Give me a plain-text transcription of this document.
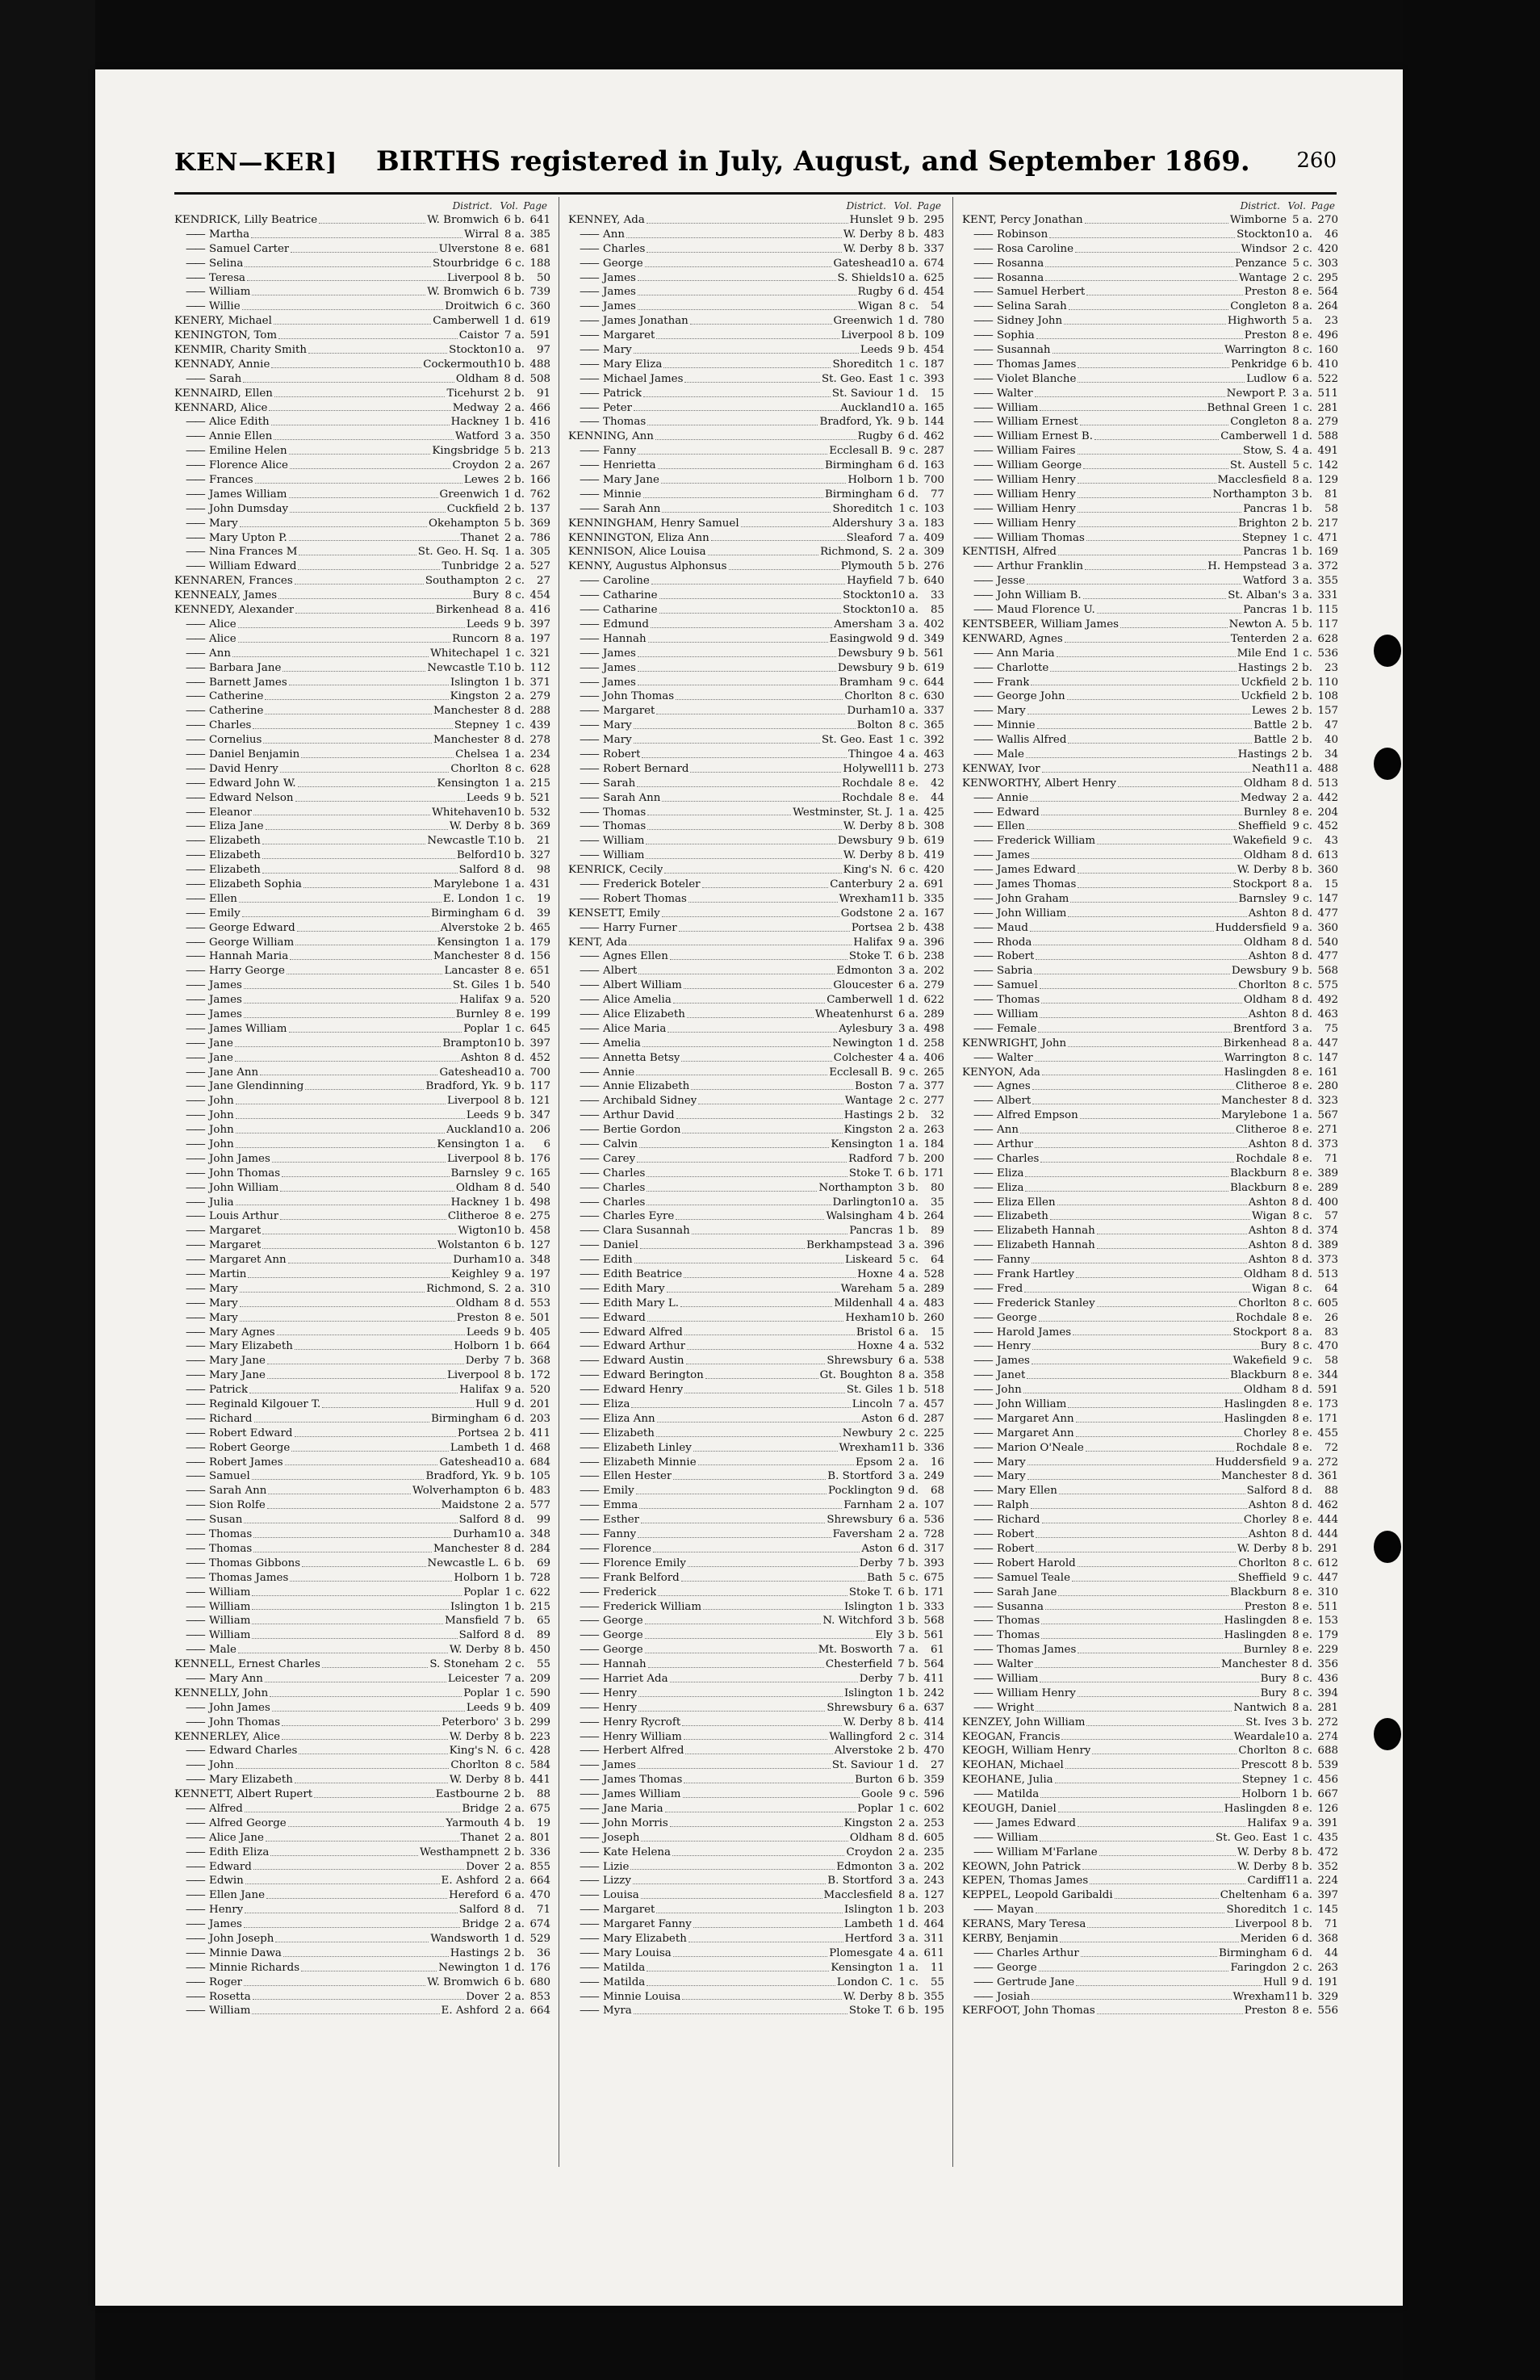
KEN—KER] BIRTHS registered in July, August, and September 1869. 260
District. Vol. Page
KENDRICK, Lilly Beatrice	W. Bromwich 6 b. 641
—— Martha	Wirral 8 a. 385
—— Samuel Carter	Ulverstone 8 e. 681
—— Selina	Stourbridge 6 c. 188
—— Teresa	Liverpool 8 b.	50
—— William	W. Bromwich 6 b. 739
—— Willie	Droitwich 6 c. 360
KENERY, Michael	Camberwell 1 d. 619
KENINGTON, Tom	Caistor 7 a. 591
KENMIR, Charity Smith	Stockton 10 a.	97
KENNADY, Annie	Cockermouth 10 b. 488
—— Sarah	Oldham 8 d. 508
KENNAIRD, Ellen	Ticehurst 2 b.	91
KENNARD, Alice	Medway 2 a. 466
—— Alice Edith	Hackney 1 b. 416
—— Annie Ellen	Watford 3 a. 350
—— Emiline Helen	Kingsbridge 5 b. 213
—— Florence Alice	Croydon 2 a. 267
—— Frances	Lewes 2 b. 166
—— James William	Greenwich 1 d. 762
—— John Dumsday	Cuckfield 2 b. 137
—— Mary	Okehampton 5 b. 369
—— Mary Upton P.	Thanet 2 a. 786
—— Nina Frances M	St. Geo. H. Sq. 1 a. 305
—— William Edward	Tunbridge 2 a. 527
KENNAREN, Frances	Southampton 2 c.	27
KENNEALY, James	Bury 8 c. 454
KENNEDY, Alexander	Birkenhead 8 a. 416
—— Alice	Leeds 9 b. 397
—— Alice	Runcorn 8 a. 197
—— Ann	Whitechapel 1 c. 321
—— Barbara Jane	Newcastle T. 10 b. 112
—— Barnett James	Islington 1 b. 371
—— Catherine	Kingston 2 a. 279
—— Catherine	Manchester 8 d. 288
—— Charles	Stepney 1 c. 439
—— Cornelius	Manchester 8 d. 278
—— Daniel Benjamin	Chelsea 1 a. 234
—— David Henry	Chorlton 8 c. 628
—— Edward John W.	Kensington 1 a. 215
—— Edward Nelson	Leeds 9 b. 521
—— Eleanor	Whitehaven 10 b. 532
—— Eliza Jane	W. Derby 8 b. 369
—— Elizabeth	Newcastle T. 10 b.	21
—— Elizabeth	Belford 10 b. 327
—— Elizabeth	Salford 8 d.	98
—— Elizabeth Sophia	Marylebone 1 a. 431
—— Ellen	E. London 1 c.	19
—— Emily	Birmingham 6 d.	39
—— George Edward	Alverstoke 2 b. 465
—— George William	Kensington 1 a. 179
—— Hannah Maria	Manchester 8 d. 156
—— Harry George	Lancaster 8 e. 651
—— James	St. Giles 1 b. 540
—— James	Halifax 9 a. 520
—— James	Burnley 8 e. 199
—— James William	Poplar 1 c. 645
—— Jane	Brampton 10 b. 397
—— Jane	Ashton 8 d. 452
—— Jane Ann	Gateshead 10 a. 700
—— Jane Glendinning	Bradford, Yk. 9 b. 117
—— John	Liverpool 8 b. 121
—— John	Leeds 9 b. 347
—— John	Auckland 10 a. 206
—— John	Kensington 1 a.	6
—— John James	Liverpool 8 b. 176
—— John Thomas	Barnsley 9 c. 165
—— John William	Oldham 8 d. 540
—— Julia	Hackney 1 b. 498
—— Louis Arthur	Clitheroe 8 e. 275
—— Margaret	Wigton 10 b. 458
—— Margaret	Wolstanton 6 b. 127
—— Margaret Ann	Durham 10 a. 348
—— Martin	Keighley 9 a. 197
—— Mary	Richmond, S. 2 a. 310
—— Mary	Oldham 8 d. 553
—— Mary	Preston 8 e. 501
—— Mary Agnes	Leeds 9 b. 405
—— Mary Elizabeth	Holborn 1 b. 664
—— Mary Jane	Derby 7 b. 368
—— Mary Jane	Liverpool 8 b. 172
—— Patrick	Halifax 9 a. 520
—— Reginald Kilgouer T.	Hull 9 d. 201
—— Richard	Birmingham 6 d. 203
—— Robert Edward	Portsea 2 b. 411
—— Robert George	Lambeth 1 d. 468
—— Robert James	Gateshead 10 a. 684
—— Samuel	Bradford, Yk. 9 b. 105
—— Sarah Ann	Wolverhampton 6 b. 483
—— Sion Rolfe	Maidstone 2 a. 577
—— Susan	Salford 8 d.	99
—— Thomas	Durham 10 a. 348
—— Thomas	Manchester 8 d. 284
—— Thomas Gibbons	Newcastle L. 6 b.	69
—— Thomas James	Holborn 1 b. 728
—— William	Poplar 1 c. 622
—— William	Islington 1 b. 215
—— William	Mansfield 7 b.	65
—— William	Salford 8 d.	89
—— Male	W. Derby 8 b. 450
KENNELL, Ernest Charles	S. Stoneham 2 c.	55
—— Mary Ann	Leicester 7 a. 209
KENNELLY, John	Poplar 1 c. 590
—— John James	Leeds 9 b. 409
—— John Thomas	Peterboro' 3 b. 299
KENNERLEY, Alice	W. Derby 8 b. 223
—— Edward Charles	King's N. 6 c. 428
—— John	Chorlton 8 c. 584
—— Mary Elizabeth	W. Derby 8 b. 441
KENNETT, Albert Rupert	Eastbourne 2 b.	88
—— Alfred	Bridge 2 a. 675
—— Alfred George	Yarmouth 4 b.	19
—— Alice Jane	Thanet 2 a. 801
—— Edith Eliza	Westhampnett 2 b. 336
—— Edward	Dover 2 a. 855
—— Edwin	E. Ashford 2 a. 664
—— Ellen Jane	Hereford 6 a. 470
—— Henry	Salford 8 d.	71
—— James	Bridge 2 a. 674
—— John Joseph	Wandsworth 1 d. 529
—— Minnie Dawa	Hastings 2 b.	36
—— Minnie Richards	Newington 1 d. 176
—— Roger	W. Bromwich 6 b. 680
—— Rosetta	Dover 2 a. 853
—— William	E. Ashford 2 a. 664
District. Vol. Page
KENNEY, Ada	Hunslet 9 b. 295
—— Ann	W. Derby 8 b. 483
—— Charles	W. Derby 8 b. 337
—— George	Gateshead 10 a. 674
—— James	S. Shields 10 a. 625
—— James	Rugby 6 d. 454
—— James	Wigan 8 c.	54
—— James Jonathan	Greenwich 1 d. 780
—— Margaret	Liverpool 8 b. 109
—— Mary	Leeds 9 b. 454
—— Mary Eliza	Shoreditch 1 c. 187
—— Michael James	St. Geo. East 1 c. 393
—— Patrick	St. Saviour 1 d.	15
—— Peter	Auckland 10 a. 165
—— Thomas	Bradford, Yk. 9 b. 144
KENNING, Ann	Rugby 6 d. 462
—— Fanny	Ecclesall B. 9 c. 287
—— Henrietta	Birmingham 6 d. 163
—— Mary Jane	Holborn 1 b. 700
—— Minnie	Birmingham 6 d.	77
—— Sarah Ann	Shoreditch 1 c. 103
KENNINGHAM, Henry Samuel	Aldershury 3 a. 183
KENNINGTON, Eliza Ann	Sleaford 7 a. 409
KENNISON, Alice Louisa	Richmond, S. 2 a. 309
KENNY, Augustus Alphonsus	Plymouth 5 b. 276
—— Caroline	Hayfield 7 b. 640
—— Catharine	Stockton 10 a.	33
—— Catharine	Stockton 10 a.	85
—— Edmund	Amersham 3 a. 402
—— Hannah	Easingwold 9 d. 349
—— James	Dewsbury 9 b. 561
—— James	Dewsbury 9 b. 619
—— James	Bramham 9 c. 644
—— John Thomas	Chorlton 8 c. 630
—— Margaret	Durham 10 a. 337
—— Mary	Bolton 8 c. 365
—— Mary	St. Geo. East 1 c. 392
—— Robert	Thingoe 4 a. 463
—— Robert Bernard	Holywell 11 b. 273
—— Sarah	Rochdale 8 e.	42
—— Sarah Ann	Rochdale 8 e.	44
—— Thomas	Westminster, St. J. 1 a. 425
—— Thomas	W. Derby 8 b. 308
—— William	Dewsbury 9 b. 619
—— William	W. Derby 8 b. 419
KENRICK, Cecily	King's N. 6 c. 420
—— Frederick Boteler	Canterbury 2 a. 691
—— Robert Thomas	Wrexham 11 b. 335
KENSETT, Emily	Godstone 2 a. 167
—— Harry Furner	Portsea 2 b. 438
KENT, Ada	Halifax 9 a. 396
—— Agnes Ellen	Stoke T. 6 b. 238
—— Albert	Edmonton 3 a. 202
—— Albert William	Gloucester 6 a. 279
—— Alice Amelia	Camberwell 1 d. 622
—— Alice Elizabeth	Wheatenhurst 6 a. 289
—— Alice Maria	Aylesbury 3 a. 498
—— Amelia	Newington 1 d. 258
—— Annetta Betsy	Colchester 4 a. 406
—— Annie	Ecclesall B. 9 c. 265
—— Annie Elizabeth	Boston 7 a. 377
—— Archibald Sidney	Wantage 2 c. 277
—— Arthur David	Hastings 2 b.	32
—— Bertie Gordon	Kingston 2 a. 263
—— Calvin	Kensington 1 a. 184
—— Carey	Radford 7 b. 200
—— Charles	Stoke T. 6 b. 171
—— Charles	Northampton 3 b.	80
—— Charles	Darlington 10 a.	35
—— Charles Eyre	Walsingham 4 b. 264
—— Clara Susannah	Pancras 1 b.	89
—— Daniel	Berkhampstead 3 a. 396
—— Edith	Liskeard 5 c.	64
—— Edith Beatrice	Hoxne 4 a. 528
—— Edith Mary	Wareham 5 a. 289
—— Edith Mary L.	Mildenhall 4 a. 483
—— Edward	Hexham 10 b. 260
—— Edward Alfred	Bristol 6 a.	15
—— Edward Arthur	Hoxne 4 a. 532
—— Edward Austin	Shrewsbury 6 a. 538
—— Edward Berington	Gt. Boughton 8 a. 358
—— Edward Henry	St. Giles 1 b. 518
—— Eliza	Lincoln 7 a. 457
—— Eliza Ann	Aston 6 d. 287
—— Elizabeth	Newbury 2 c. 225
—— Elizabeth Linley	Wrexham 11 b. 336
—— Elizabeth Minnie	Epsom 2 a.	16
—— Ellen Hester	B. Stortford 3 a. 249
—— Emily	Pocklington 9 d.	68
—— Emma	Farnham 2 a. 107
—— Esther	Shrewsbury 6 a. 536
—— Fanny	Faversham 2 a. 728
—— Florence	Aston 6 d. 317
—— Florence Emily	Derby 7 b. 393
—— Frank Belford	Bath 5 c. 675
—— Frederick	Stoke T. 6 b. 171
—— Frederick William	Islington 1 b. 333
—— George	N. Witchford 3 b. 568
—— George	Ely 3 b. 561
—— George	Mt. Bosworth 7 a.	61
—— Hannah	Chesterfield 7 b. 564
—— Harriet Ada	Derby 7 b. 411
—— Henry	Islington 1 b. 242
—— Henry	Shrewsbury 6 a. 637
—— Henry Rycroft	W. Derby 8 b. 414
—— Henry William	Wallingford 2 c. 314
—— Herbert Alfred	Alverstoke 2 b. 470
—— James	St. Saviour 1 d.	27
—— James Thomas	Burton 6 b. 359
—— James William	Goole 9 c. 596
—— Jane Maria	Poplar 1 c. 602
—— John Morris	Kingston 2 a. 253
—— Joseph	Oldham 8 d. 605
—— Kate Helena	Croydon 2 a. 235
—— Lizie	Edmonton 3 a. 202
—— Lizzy	B. Stortford 3 a. 243
—— Louisa	Macclesfield 8 a. 127
—— Margaret	Islington 1 b. 203
—— Margaret Fanny	Lambeth 1 d. 464
—— Mary Elizabeth	Hertford 3 a. 311
—— Mary Louisa	Plomesgate 4 a. 611
—— Matilda	Kensington 1 a.	11
—— Matilda	London C. 1 c.	55
—— Minnie Louisa	W. Derby 8 b. 355
—— Myra	Stoke T. 6 b. 195
District. Vol. Page
KENT, Percy Jonathan	Wimborne 5 a. 270
—— Robinson	Stockton 10 a.	46
—— Rosa Caroline	Windsor 2 c. 420
—— Rosanna	Penzance 5 c. 303
—— Rosanna	Wantage 2 c. 295
—— Samuel Herbert	Preston 8 e. 564
—— Selina Sarah	Congleton 8 a. 264
—— Sidney John	Highworth 5 a.	23
—— Sophia	Preston 8 e. 496
—— Susannah	Warrington 8 c. 160
—— Thomas James	Penkridge 6 b. 410
—— Violet Blanche	Ludlow 6 a. 522
—— Walter	Newport P. 3 a. 511
—— William	Bethnal Green 1 c. 281
—— William Ernest	Congleton 8 a. 279
—— William Ernest B.	Camberwell 1 d. 588
—— William Faires	Stow, S. 4 a. 491
—— William George	St. Austell 5 c. 142
—— William Henry	Macclesfield 8 a. 129
—— William Henry	Northampton 3 b.	81
—— William Henry	Pancras 1 b.	58
—— William Henry	Brighton 2 b. 217
—— William Thomas	Stepney 1 c. 471
KENTISH, Alfred	Pancras 1 b. 169
—— Arthur Franklin	H. Hempstead 3 a. 372
—— Jesse	Watford 3 a. 355
—— John William B.	St. Alban's 3 a. 331
—— Maud Florence U.	Pancras 1 b. 115
KENTSBEER, William James	Newton A. 5 b. 117
KENWARD, Agnes	Tenterden 2 a. 628
—— Ann Maria	Mile End 1 c. 536
—— Charlotte	Hastings 2 b.	23
—— Frank	Uckfield 2 b. 110
—— George John	Uckfield 2 b. 108
—— Mary	Lewes 2 b. 157
—— Minnie	Battle 2 b.	47
—— Wallis Alfred	Battle 2 b.	40
—— Male	Hastings 2 b.	34
KENWAY, Ivor	Neath 11 a. 488
KENWORTHY, Albert Henry	Oldham 8 d. 513
—— Annie	Medway 2 a. 442
—— Edward	Burnley 8 e. 204
—— Ellen	Sheffield 9 c. 452
—— Frederick William	Wakefield 9 c.	43
—— James	Oldham 8 d. 613
—— James Edward	W. Derby 8 b. 360
—— James Thomas	Stockport 8 a.	15
—— John Graham	Barnsley 9 c. 147
—— John William	Ashton 8 d. 477
—— Maud	Huddersfield 9 a. 360
—— Rhoda	Oldham 8 d. 540
—— Robert	Ashton 8 d. 477
—— Sabria	Dewsbury 9 b. 568
—— Samuel	Chorlton 8 c. 575
—— Thomas	Oldham 8 d. 492
—— William	Ashton 8 d. 463
—— Female	Brentford 3 a.	75
KENWRIGHT, John	Birkenhead 8 a. 447
—— Walter	Warrington 8 c. 147
KENYON, Ada	Haslingden 8 e. 161
—— Agnes	Clitheroe 8 e. 280
—— Albert	Manchester 8 d. 323
—— Alfred Empson	Marylebone 1 a. 567
—— Ann	Clitheroe 8 e. 271
—— Arthur	Ashton 8 d. 373
—— Charles	Rochdale 8 e.	71
—— Eliza	Blackburn 8 e. 389
—— Eliza	Blackburn 8 e. 289
—— Eliza Ellen	Ashton 8 d. 400
—— Elizabeth	Wigan 8 c.	57
—— Elizabeth Hannah	Ashton 8 d. 374
—— Elizabeth Hannah	Ashton 8 d. 389
—— Fanny	Ashton 8 d. 373
—— Frank Hartley	Oldham 8 d. 513
—— Fred	Wigan 8 c.	64
—— Frederick Stanley	Chorlton 8 c. 605
—— George	Rochdale 8 e.	26
—— Harold James	Stockport 8 a.	83
—— Henry	Bury 8 c. 470
—— James	Wakefield 9 c.	58
—— Janet	Blackburn 8 e. 344
—— John	Oldham 8 d. 591
—— John William	Haslingden 8 e. 173
—— Margaret Ann	Haslingden 8 e. 171
—— Margaret Ann	Chorley 8 e. 455
—— Marion O'Neale	Rochdale 8 e.	72
—— Mary	Huddersfield 9 a. 272
—— Mary	Manchester 8 d. 361
—— Mary Ellen	Salford 8 d.	88
—— Ralph	Ashton 8 d. 462
—— Richard	Chorley 8 e. 444
—— Robert	Ashton 8 d. 444
—— Robert	W. Derby 8 b. 291
—— Robert Harold	Chorlton 8 c. 612
—— Samuel Teale	Sheffield 9 c. 447
—— Sarah Jane	Blackburn 8 e. 310
—— Susanna	Preston 8 e. 511
—— Thomas	Haslingden 8 e. 153
—— Thomas	Haslingden 8 e. 179
—— Thomas James	Burnley 8 e. 229
—— Walter	Manchester 8 d. 356
—— William	Bury 8 c. 436
—— William Henry	Bury 8 c. 394
—— Wright	Nantwich 8 a. 281
KENZEY, John William	St. Ives 3 b. 272
KEOGAN, Francis	Weardale 10 a. 274
KEOGH, William Henry	Chorlton 8 c. 688
KEOHAN, Michael	Prescott 8 b. 539
KEOHANE, Julia	Stepney 1 c. 456
—— Matilda	Holborn 1 b. 667
KEOUGH, Daniel	Haslingden 8 e. 126
—— James Edward	Halifax 9 a. 391
—— William	St. Geo. East 1 c. 435
—— William M'Farlane	W. Derby 8 b. 472
KEOWN, John Patrick	W. Derby 8 b. 352
KEPEN, Thomas James	Cardiff 11 a. 224
KEPPEL, Leopold Garibaldi	Cheltenham 6 a. 397
—— Mayan	Shoreditch 1 c. 145
KERANS, Mary Teresa	Liverpool 8 b.	71
KERBY, Benjamin	Meriden 6 d. 368
—— Charles Arthur	Birmingham 6 d.	44
—— George	Faringdon 2 c. 263
—— Gertrude Jane	Hull 9 d. 191
—— Josiah	Wrexham 11 b. 329
KERFOOT, John Thomas	Preston 8 e. 556
